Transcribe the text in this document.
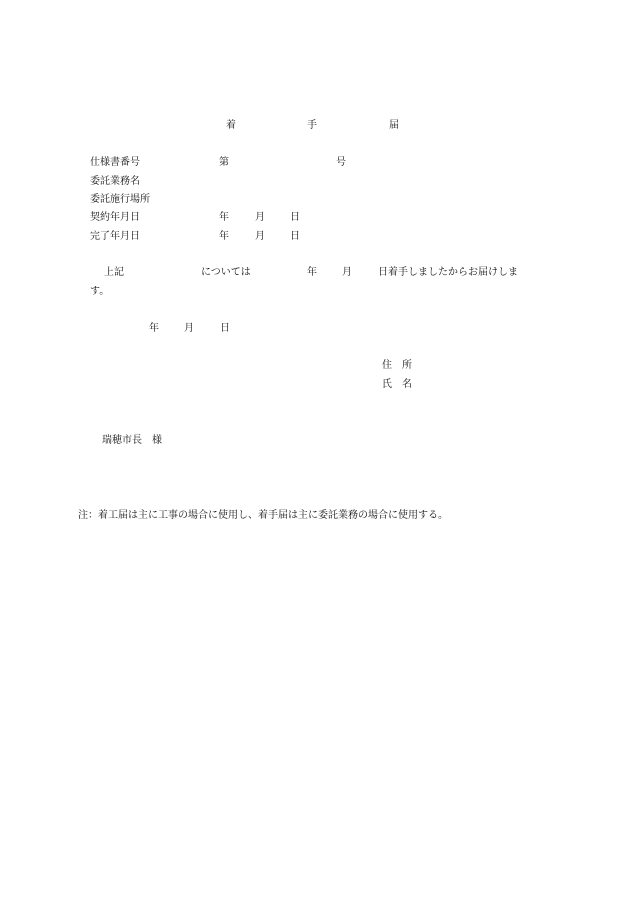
着	手	届
仕様書番号	第	号
委託業務名
委託施行場所
契約年月日	年	月	日
完了年月日	年	月	日
上記	については	年	月	日着手しましたからお届けしま
す。
年	月	日
住　所
氏　名
瑞穂市長　様
注：着工届は主に工事の場合に使用し、着手届は主に委託業務の場合に使用する。
